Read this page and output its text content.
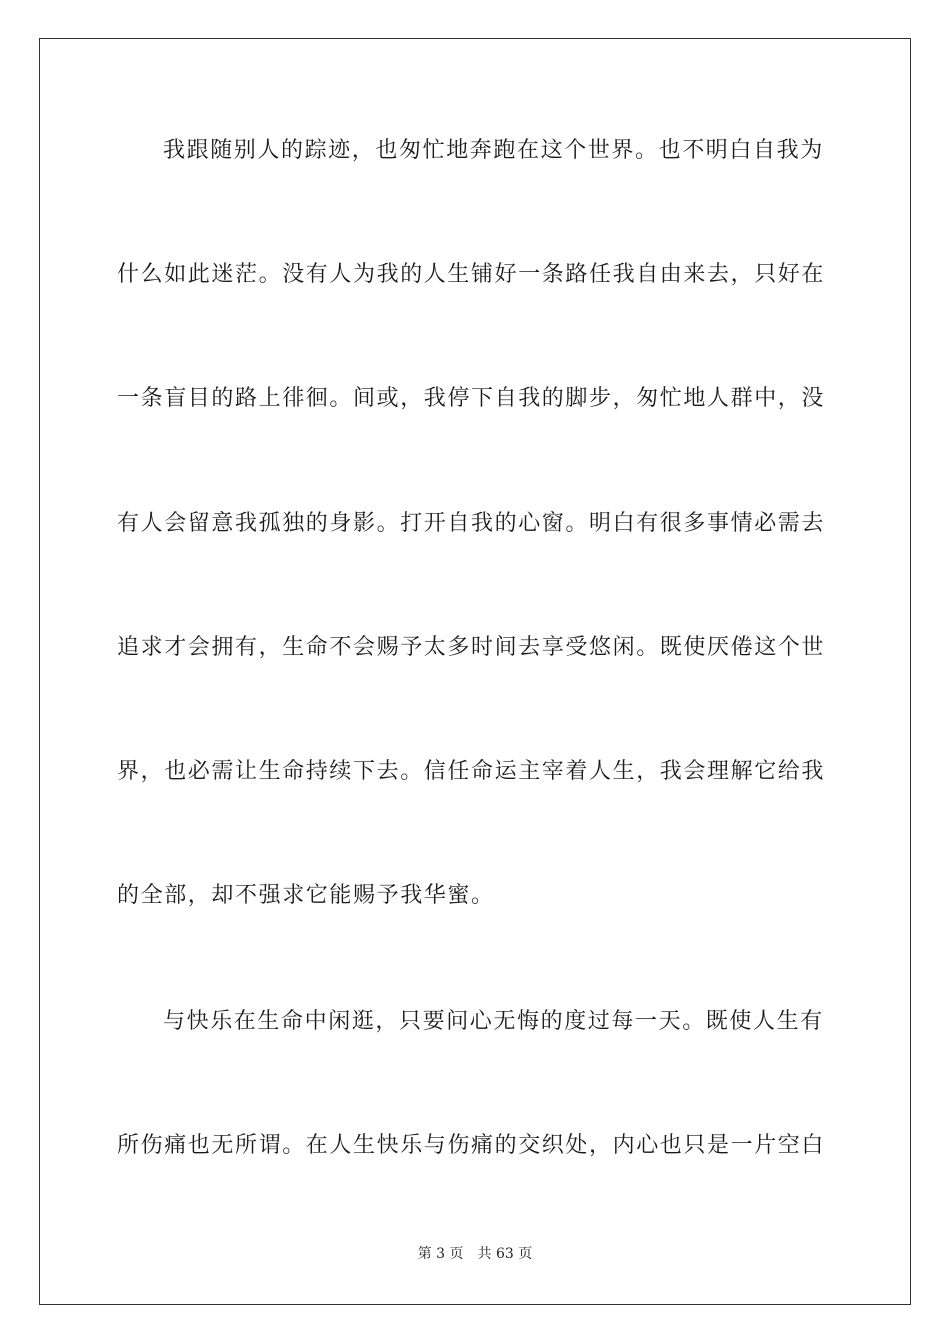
我跟随别人的踪迹，也匆忙地奔跑在这个世界。也不明白自我为
什么如此迷茫。没有人为我的人生铺好一条路任我自由来去，只好在
一条盲目的路上徘徊。间或，我停下自我的脚步，匆忙地人群中，没
有人会留意我孤独的身影。打开自我的心窗。明白有很多事情必需去
追求才会拥有，生命不会赐予太多时间去享受悠闲。既使厌倦这个世
界，也必需让生命持续下去。信任命运主宰着人生，我会理解它给我
的全部，却不强求它能赐予我华蜜。
与快乐在生命中闲逛，只要问心无悔的度过每一天。既使人生有
所伤痛也无所谓。在人生快乐与伤痛的交织处，内心也只是一片空白
第 3 页 共 63 页
